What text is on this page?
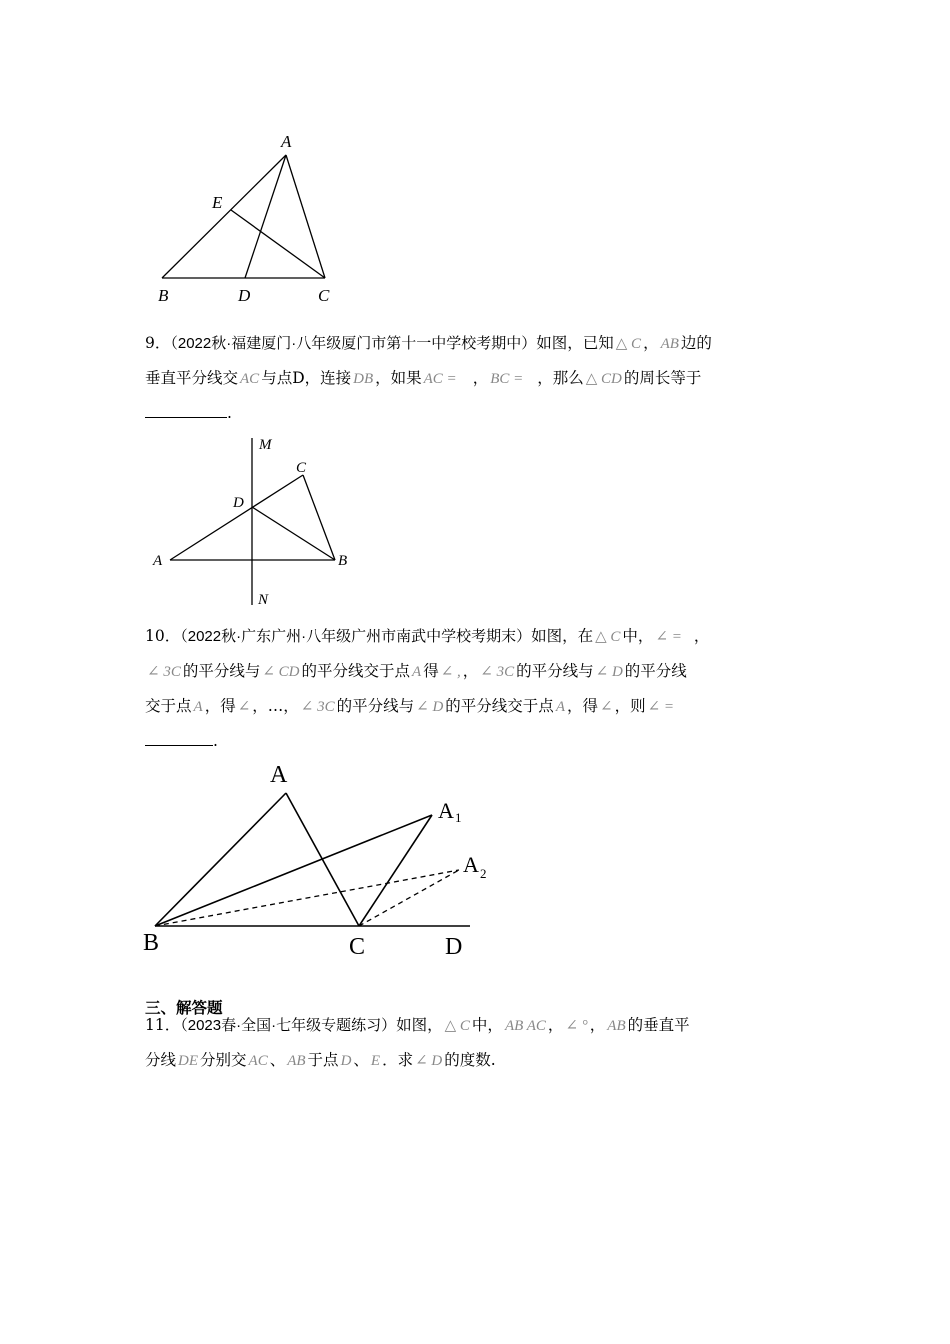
A
E
B	D	C

9．（2022秋·福建厦门·八年级厦门市第十一中学校考期中）如图，已知 △ C ， AB 边的

垂直平分线交 AC 与点D，连接 DB ，如果 AC = ， BC = ，那么 △ CD 的周长等于

.

M
C
D
A	B
N

10．（2022秋·广东广州·八年级广州市南武中学校考期末）如图，在 △ C 中， ∠ = ，

∠ 3C 的平分线与 ∠ CD 的平分线交于点 A 得 ∠ , ， ∠ 3C 的平分线与 ∠ D 的平分线

交于点 A ，得 ∠ ，…， ∠ 3C 的平分线与 ∠ D 的平分线交于点 A ，得 ∠ ，则 ∠ =

.

A
A 1
A 2
B	C	D
三、解答题

11．（2023春·全国·七年级专题练习）如图， △ C 中， AB AC ， ∠ ° ， AB 的垂直平

分线 DE 分别交 AC 、 AB 于点 D 、 E ．求 ∠ D 的度数.
